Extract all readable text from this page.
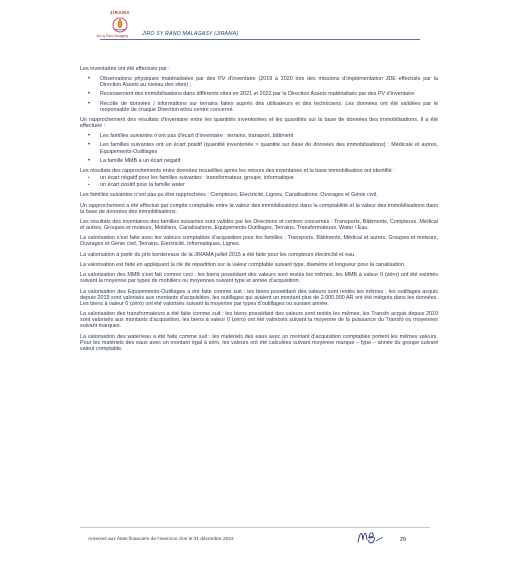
JIRAMA
Jiro sy Rano Malagasy	JIRO SY RANO MALAGASY (JIRAMA)

Les inventaires ont été effectués par :

• Observations physiques matérialisées par des PV d’inventaire (2019 à 2020 lors des missions d’implémentation JDE effectués par la Direction Assets au niveau des sites) ;
• Recensement des immobilisations dans différents sites en 2021 et 2022 par la Direction Assets matérialisés par des PV d’inventaire
• Récolte de données / informations sur terrains faites auprès des utilisateurs et des techniciens. Les données ont été validées par le responsable de chaque Direction et/ou centre concerné.

Un rapprochement des résultats d’inventaire entre les quantités inventoriées et les quantités sur la base de données des immobilisations. Il a été effectuée :

• Les familles suivantes n’ont pas d’écart d’inventaire : terrains, transport, bâtiment
• Les familles suivantes ont un écart positif (quantité inventoriée > quantité sur base de données des immobilisations) : Médicale et autres, Equipements-Outillages
• La famille MMB a un écart négatif

Les résultats des rapprochements entre données recueillies après les retours des inventaires et la base immobilisation ont identifié :

• un écart négatif pour les familles suivantes : transformateur, groupe, informatique
• un écart positif pour la famille water

Les familles suivantes n’ont pas pu être rapprochées : Compteurs, Electricité, Lignes, Canalisations, Ouvrages et Génie civil.

Un rapprochement a été effectué par compte comptable entre la valeur des immobilisations dans la comptabilité et la valeur des immobilisations dans la base de données des immobilisations.

Les résultats des inventaires des familles suivantes sont validés par les Directions et centres concernés : Transports, Bâtiments, Compteurs, Médical et autres, Groupes et moteurs, Mobiliers, Canalisations, Equipements-Outillages, Terrains, Transformateurs, Water / Eau.

La valorisation s’est faite avec les valeurs comptables d’acquisition pour les familles : Transports, Bâtiments, Médical et autres, Groupes et moteurs, Ouvrages et Génie civil, Terrains, Electricité, Informatiques, Lignes.

La valorisation à partir du prix bordereaux de la JIRAMA juillet 2015 a été faite pour les compteurs électricité et eau.

La valorisation est faite en appliquant la clé de répartition sur la valeur comptable suivant type, diamètre et longueur pour la canalisation.

La valorisation des MMB s’est fait comme ceci : les biens possédant des valeurs sont restés les mêmes, les MMB à valeur 0 (zéro) ont été estimés suivant la moyenne par types de mobiliers ou moyennes suivant type et année d’acquisition.

La valorisation des Equipements-Outillages a été faite comme suit : les biens possédant des valeurs sont restés les mêmes ; les outillages acquis depuis 2019 sont valorisés aux montants d’acquisition, les outillages qui avaient un montant plus de 2.000.000 AR ont été intégrés dans les données. Les biens à valeur 0 (zéro) ont été valorisés suivant la moyenne par types d’outillages ou suivant année.

La valorisation des transformateurs a été faite comme suit : les biens possédant des valeurs sont restés les mêmes, les Transfo acquis depuis 2019 sont valorisés aux montants d’acquisition, les biens à valeur 0 (zéro) ont été valorisés suivant la moyenne de la puissance du Transfo ou moyennes suivant marques.

La valorisation des water/eau a été faite comme suit : les matériels des eaux avec un montant d’acquisition comptables portent les mêmes valeurs. Pour les matériels des eaux avec un montant égal à zéro, les valeurs ont été calculées suivant moyenne marque – type – année du groupe suivant valeur comptable.

Annexes aux états financiers de l’exercice clos le 31 décembre 2023	29
